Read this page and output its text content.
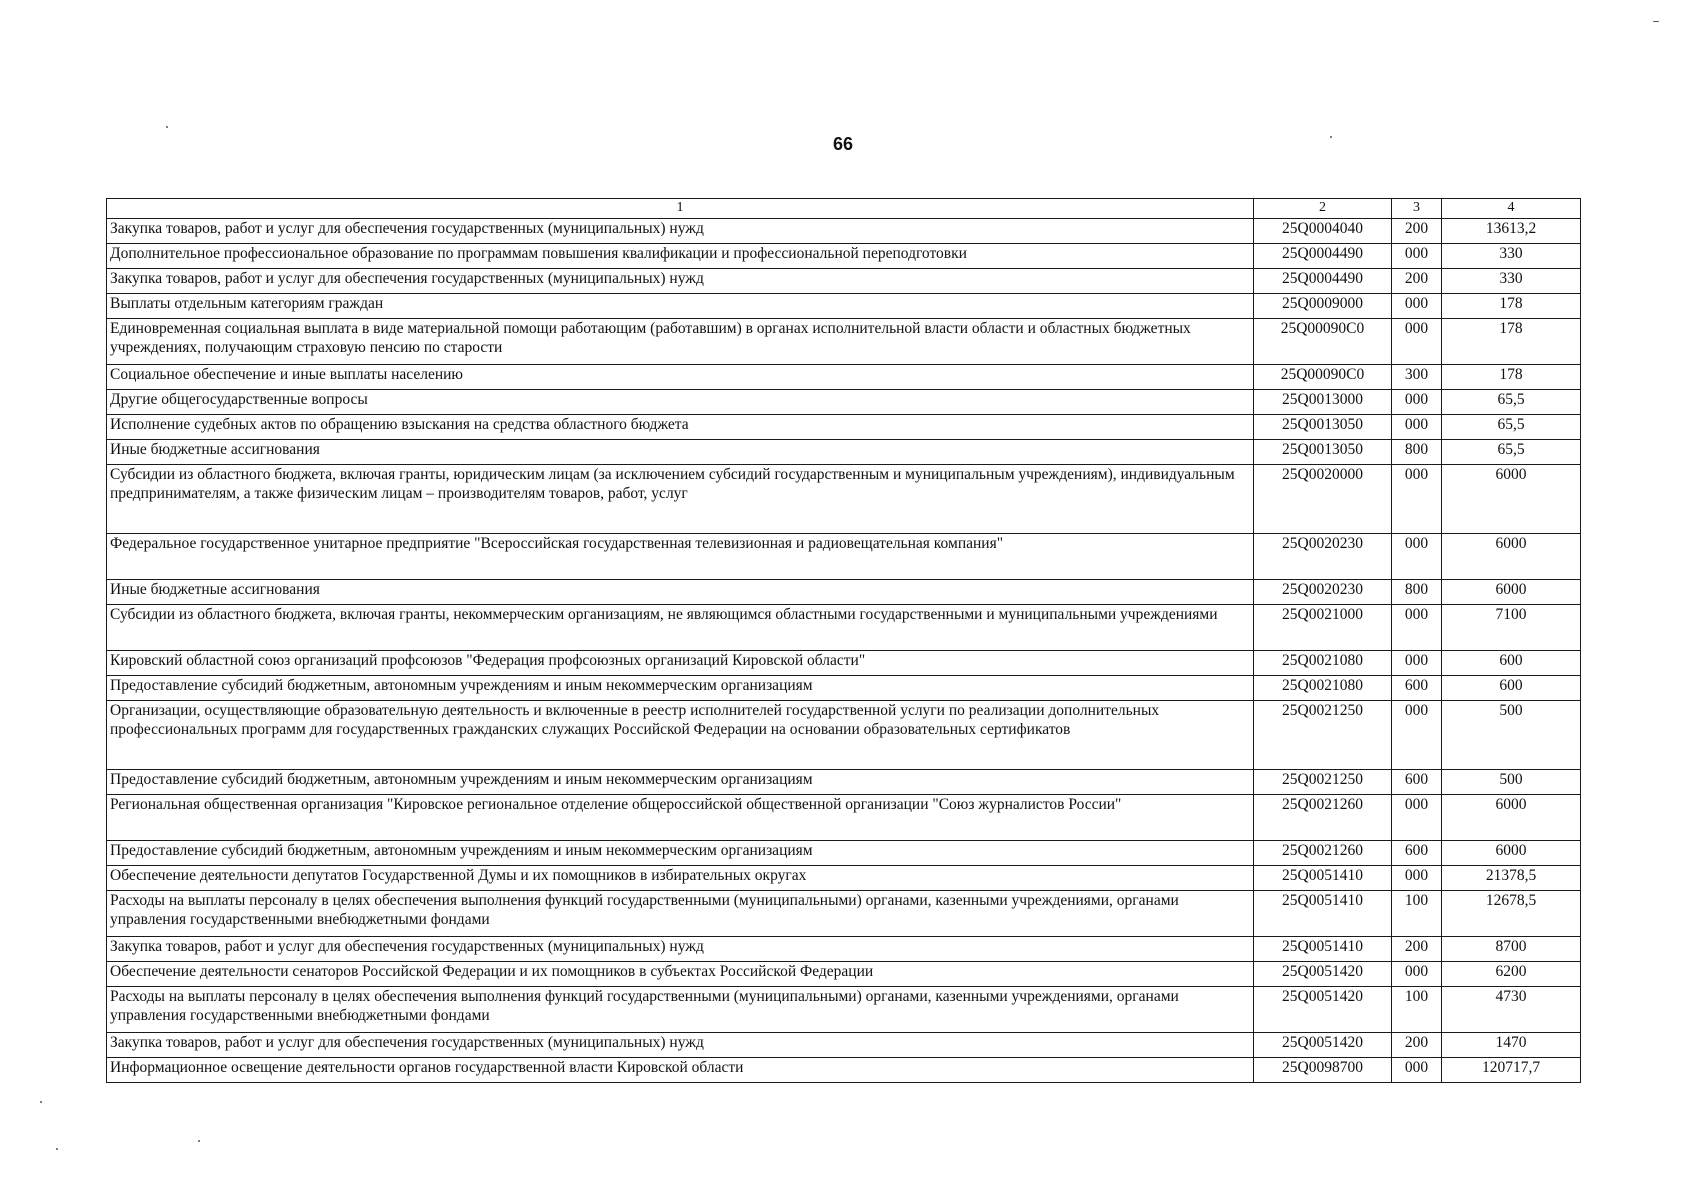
66
1	2	3	4
Закупка товаров, работ и услуг для обеспечения государственных (муниципальных) нужд	25Q0004040	200	13613,2
Дополнительное профессиональное образование по программам повышения квалификации и профессиональной переподготовки	25Q0004490	000	330
Закупка товаров, работ и услуг для обеспечения государственных (муниципальных) нужд	25Q0004490	200	330
Выплаты отдельным категориям граждан	25Q0009000	000	178
Единовременная социальная выплата в виде материальной помощи работающим (работавшим) в органах исполнительной власти области и областных бюджетных учреждениях, получающим страховую пенсию по старости	25Q00090C0	000	178
Социальное обеспечение и иные выплаты населению	25Q00090C0	300	178
Другие общегосударственные вопросы	25Q0013000	000	65,5
Исполнение судебных актов по обращению взыскания на средства областного бюджета	25Q0013050	000	65,5
Иные бюджетные ассигнования	25Q0013050	800	65,5
Субсидии из областного бюджета, включая гранты, юридическим лицам (за исключением субсидий государственным и муниципальным учреждениям), индивидуальным предпринимателям, а также физическим лицам – производителям товаров, работ, услуг	25Q0020000	000	6000
Федеральное государственное унитарное предприятие "Всероссийская государственная телевизионная и радиовещательная компания"	25Q0020230	000	6000
Иные бюджетные ассигнования	25Q0020230	800	6000
Субсидии из областного бюджета, включая гранты, некоммерческим организациям, не являющимся областными государственными и муниципальными учреждениями	25Q0021000	000	7100
Кировский областной союз организаций профсоюзов "Федерация профсоюзных организаций Кировской области"	25Q0021080	000	600
Предоставление субсидий бюджетным, автономным учреждениям и иным некоммерческим организациям	25Q0021080	600	600
Организации, осуществляющие образовательную деятельность и включенные в реестр исполнителей государственной услуги по реализации дополнительных профессиональных программ для государственных гражданских служащих Российской Федерации на основании образовательных сертификатов	25Q0021250	000	500
Предоставление субсидий бюджетным, автономным учреждениям и иным некоммерческим организациям	25Q0021250	600	500
Региональная общественная организация "Кировское региональное отделение общероссийской общественной организации "Союз журналистов России"	25Q0021260	000	6000
Предоставление субсидий бюджетным, автономным учреждениям и иным некоммерческим организациям	25Q0021260	600	6000
Обеспечение деятельности депутатов Государственной Думы и их помощников в избирательных округах	25Q0051410	000	21378,5
Расходы на выплаты персоналу в целях обеспечения выполнения функций государственными (муниципальными) органами, казенными учреждениями, органами управления государственными внебюджетными фондами	25Q0051410	100	12678,5
Закупка товаров, работ и услуг для обеспечения государственных (муниципальных) нужд	25Q0051410	200	8700
Обеспечение деятельности сенаторов Российской Федерации и их помощников в субъектах Российской Федерации	25Q0051420	000	6200
Расходы на выплаты персоналу в целях обеспечения выполнения функций государственными (муниципальными) органами, казенными учреждениями, органами управления государственными внебюджетными фондами	25Q0051420	100	4730
Закупка товаров, работ и услуг для обеспечения государственных (муниципальных) нужд	25Q0051420	200	1470
Информационное освещение деятельности органов государственной власти Кировской области	25Q0098700	000	120717,7
